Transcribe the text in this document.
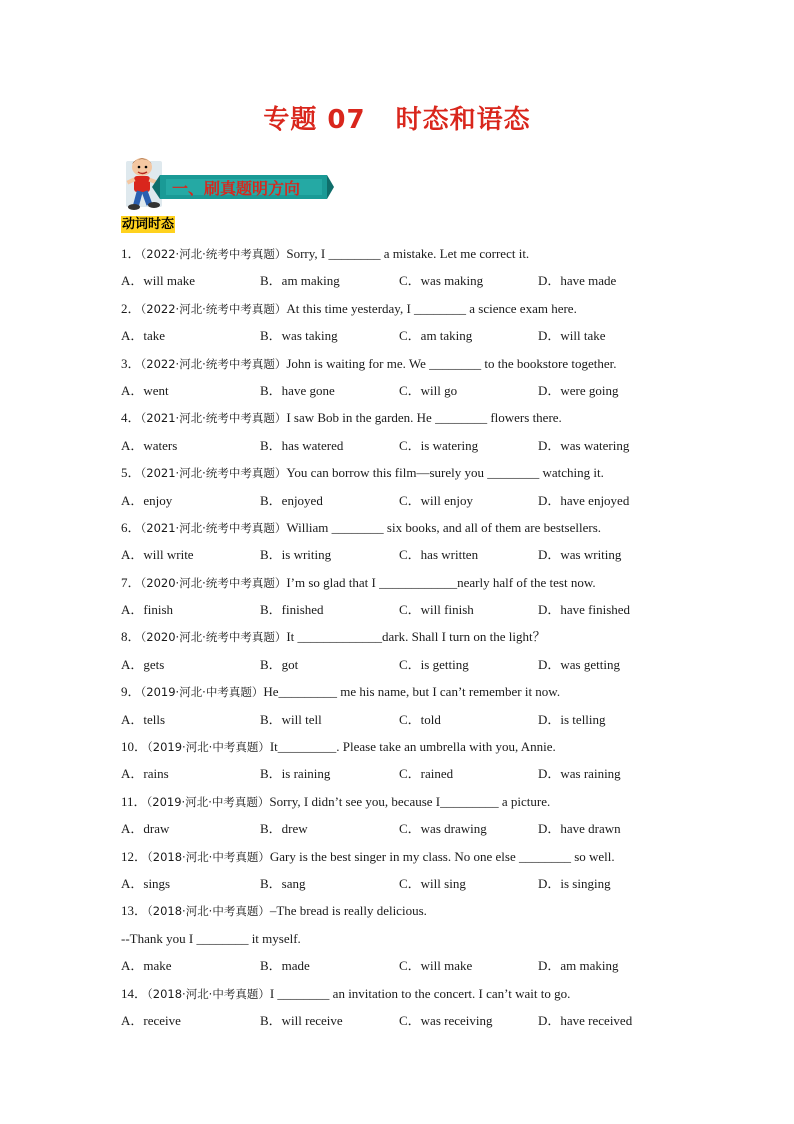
专题 07 时态和语态
一、刷真题明方向
动词时态
1．（2022·河北·统考中考真题）Sorry, I ________ a mistake. Let me correct it.
A．will make	B．am making	C．was making	D．have made
2．（2022·河北·统考中考真题）At this time yesterday, I ________ a science exam here.
A．take	B．was taking	C．am taking	D．will take
3．（2022·河北·统考中考真题）John is waiting for me. We ________ to the bookstore together.
A．went	B．have gone	C．will go	D．were going
4．（2021·河北·统考中考真题）I saw Bob in the garden. He ________ flowers there.
A．waters	B．has watered	C．is watering	D．was watering
5．（2021·河北·统考中考真题）You can borrow this film—surely you ________ watching it.
A．enjoy	B．enjoyed	C．will enjoy	D．have enjoyed
6．（2021·河北·统考中考真题）William ________ six books, and all of them are bestsellers.
A．will write	B．is writing	C．has written	D．was writing
7．（2020·河北·统考中考真题）I’m so glad that I ____________nearly half of the test now.
A．finish	B．finished	C．will finish	D．have finished
8．（2020·河北·统考中考真题）It _____________dark. Shall I turn on the light？
A．gets	B．got	C．is getting	D．was getting
9．（2019·河北·中考真题）He_________ me his name, but I can’t remember it now.
A．tells	B．will tell	C．told	D．is telling
10．（2019·河北·中考真题）It_________. Please take an umbrella with you, Annie.
A．rains	B．is raining	C．rained	D．was raining
11．（2019·河北·中考真题）Sorry, I didn’t see you, because I_________ a picture.
A．draw	B．drew	C．was drawing	D．have drawn
12．（2018·河北·中考真题）Gary is the best singer in my class. No one else ________ so well.
A．sings	B．sang	C．will sing	D．is singing
13．（2018·河北·中考真题）–The bread is really delicious.
--Thank you I ________ it myself.
A．make	B．made	C．will make	D．am making
14．（2018·河北·中考真题）I ________ an invitation to the concert. I can’t wait to go.
A．receive	B．will receive	C．was receiving	D．have received
